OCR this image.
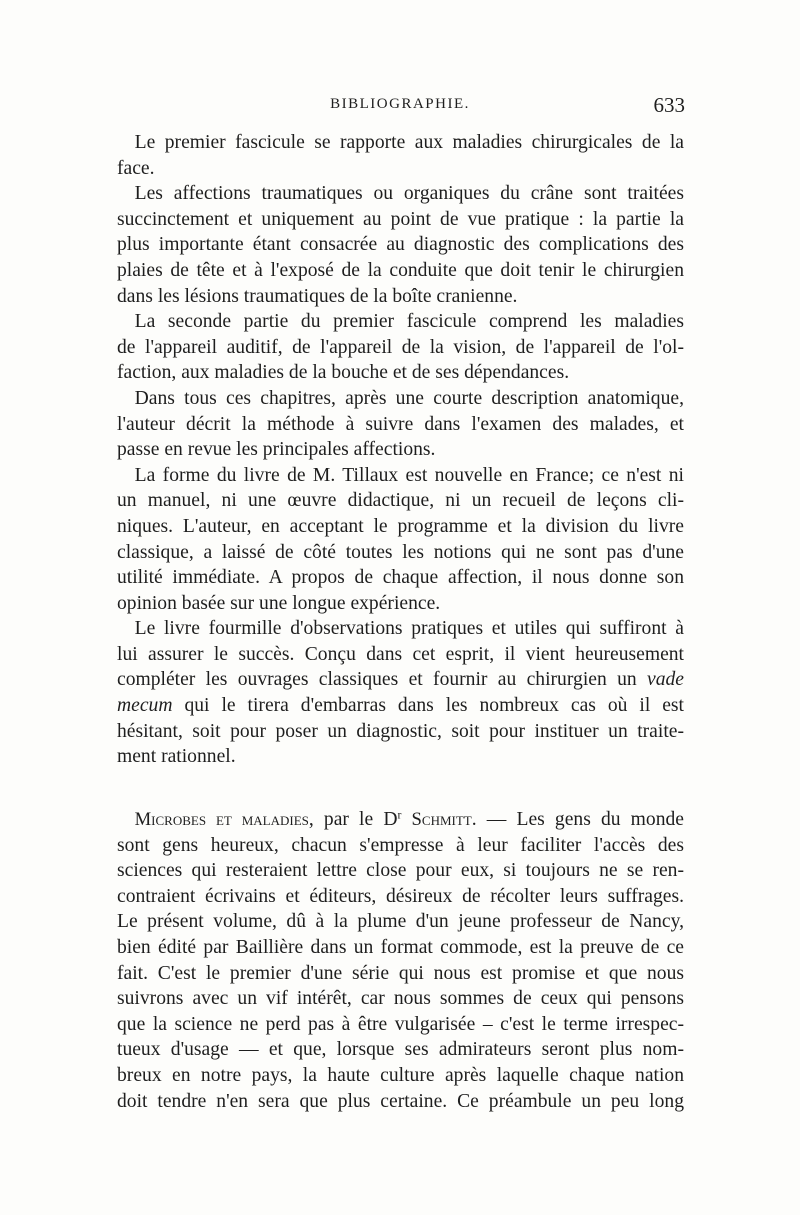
BIBLIOGRAPHIE.	633

Le premier fascicule se rapporte aux maladies chirurgicales de la
face.

Les affections traumatiques ou organiques du crâne sont traitées
succinctement et uniquement au point de vue pratique : la partie la
plus importante étant consacrée au diagnostic des complications des
plaies de tête et à l'exposé de la conduite que doit tenir le chirurgien
dans les lésions traumatiques de la boîte cranienne.

La seconde partie du premier fascicule comprend les maladies
de l'appareil auditif, de l'appareil de la vision, de l'appareil de l'ol-
faction, aux maladies de la bouche et de ses dépendances.

Dans tous ces chapitres, après une courte description anatomique,
l'auteur décrit la méthode à suivre dans l'examen des malades, et
passe en revue les principales affections.

La forme du livre de M. Tillaux est nouvelle en France; ce n'est ni
un manuel, ni une œuvre didactique, ni un recueil de leçons cli-
niques. L'auteur, en acceptant le programme et la division du livre
classique, a laissé de côté toutes les notions qui ne sont pas d'une
utilité immédiate. A propos de chaque affection, il nous donne son
opinion basée sur une longue expérience.

Le livre fourmille d'observations pratiques et utiles qui suffiront à
lui assurer le succès. Conçu dans cet esprit, il vient heureusement
compléter les ouvrages classiques et fournir au chirurgien un vade
mecum qui le tirera d'embarras dans les nombreux cas où il est
hésitant, soit pour poser un diagnostic, soit pour instituer un traite-
ment rationnel.

Microbes et maladies, par le $D^r$ Schmitt. — Les gens du monde
sont gens heureux, chacun s'empresse à leur faciliter l'accès des
sciences qui resteraient lettre close pour eux, si toujours ne se ren-
contraient écrivains et éditeurs, désireux de récolter leurs suffrages.
Le présent volume, dû à la plume d'un jeune professeur de Nancy,
bien édité par Baillière dans un format commode, est la preuve de ce
fait. C'est le premier d'une série qui nous est promise et que nous
suivrons avec un vif intérêt, car nous sommes de ceux qui pensons
que la science ne perd pas à être vulgarisée – c'est le terme irrespec-
tueux d'usage — et que, lorsque ses admirateurs seront plus nom-
breux en notre pays, la haute culture après laquelle chaque nation
doit tendre n'en sera que plus certaine. Ce préambule un peu long
